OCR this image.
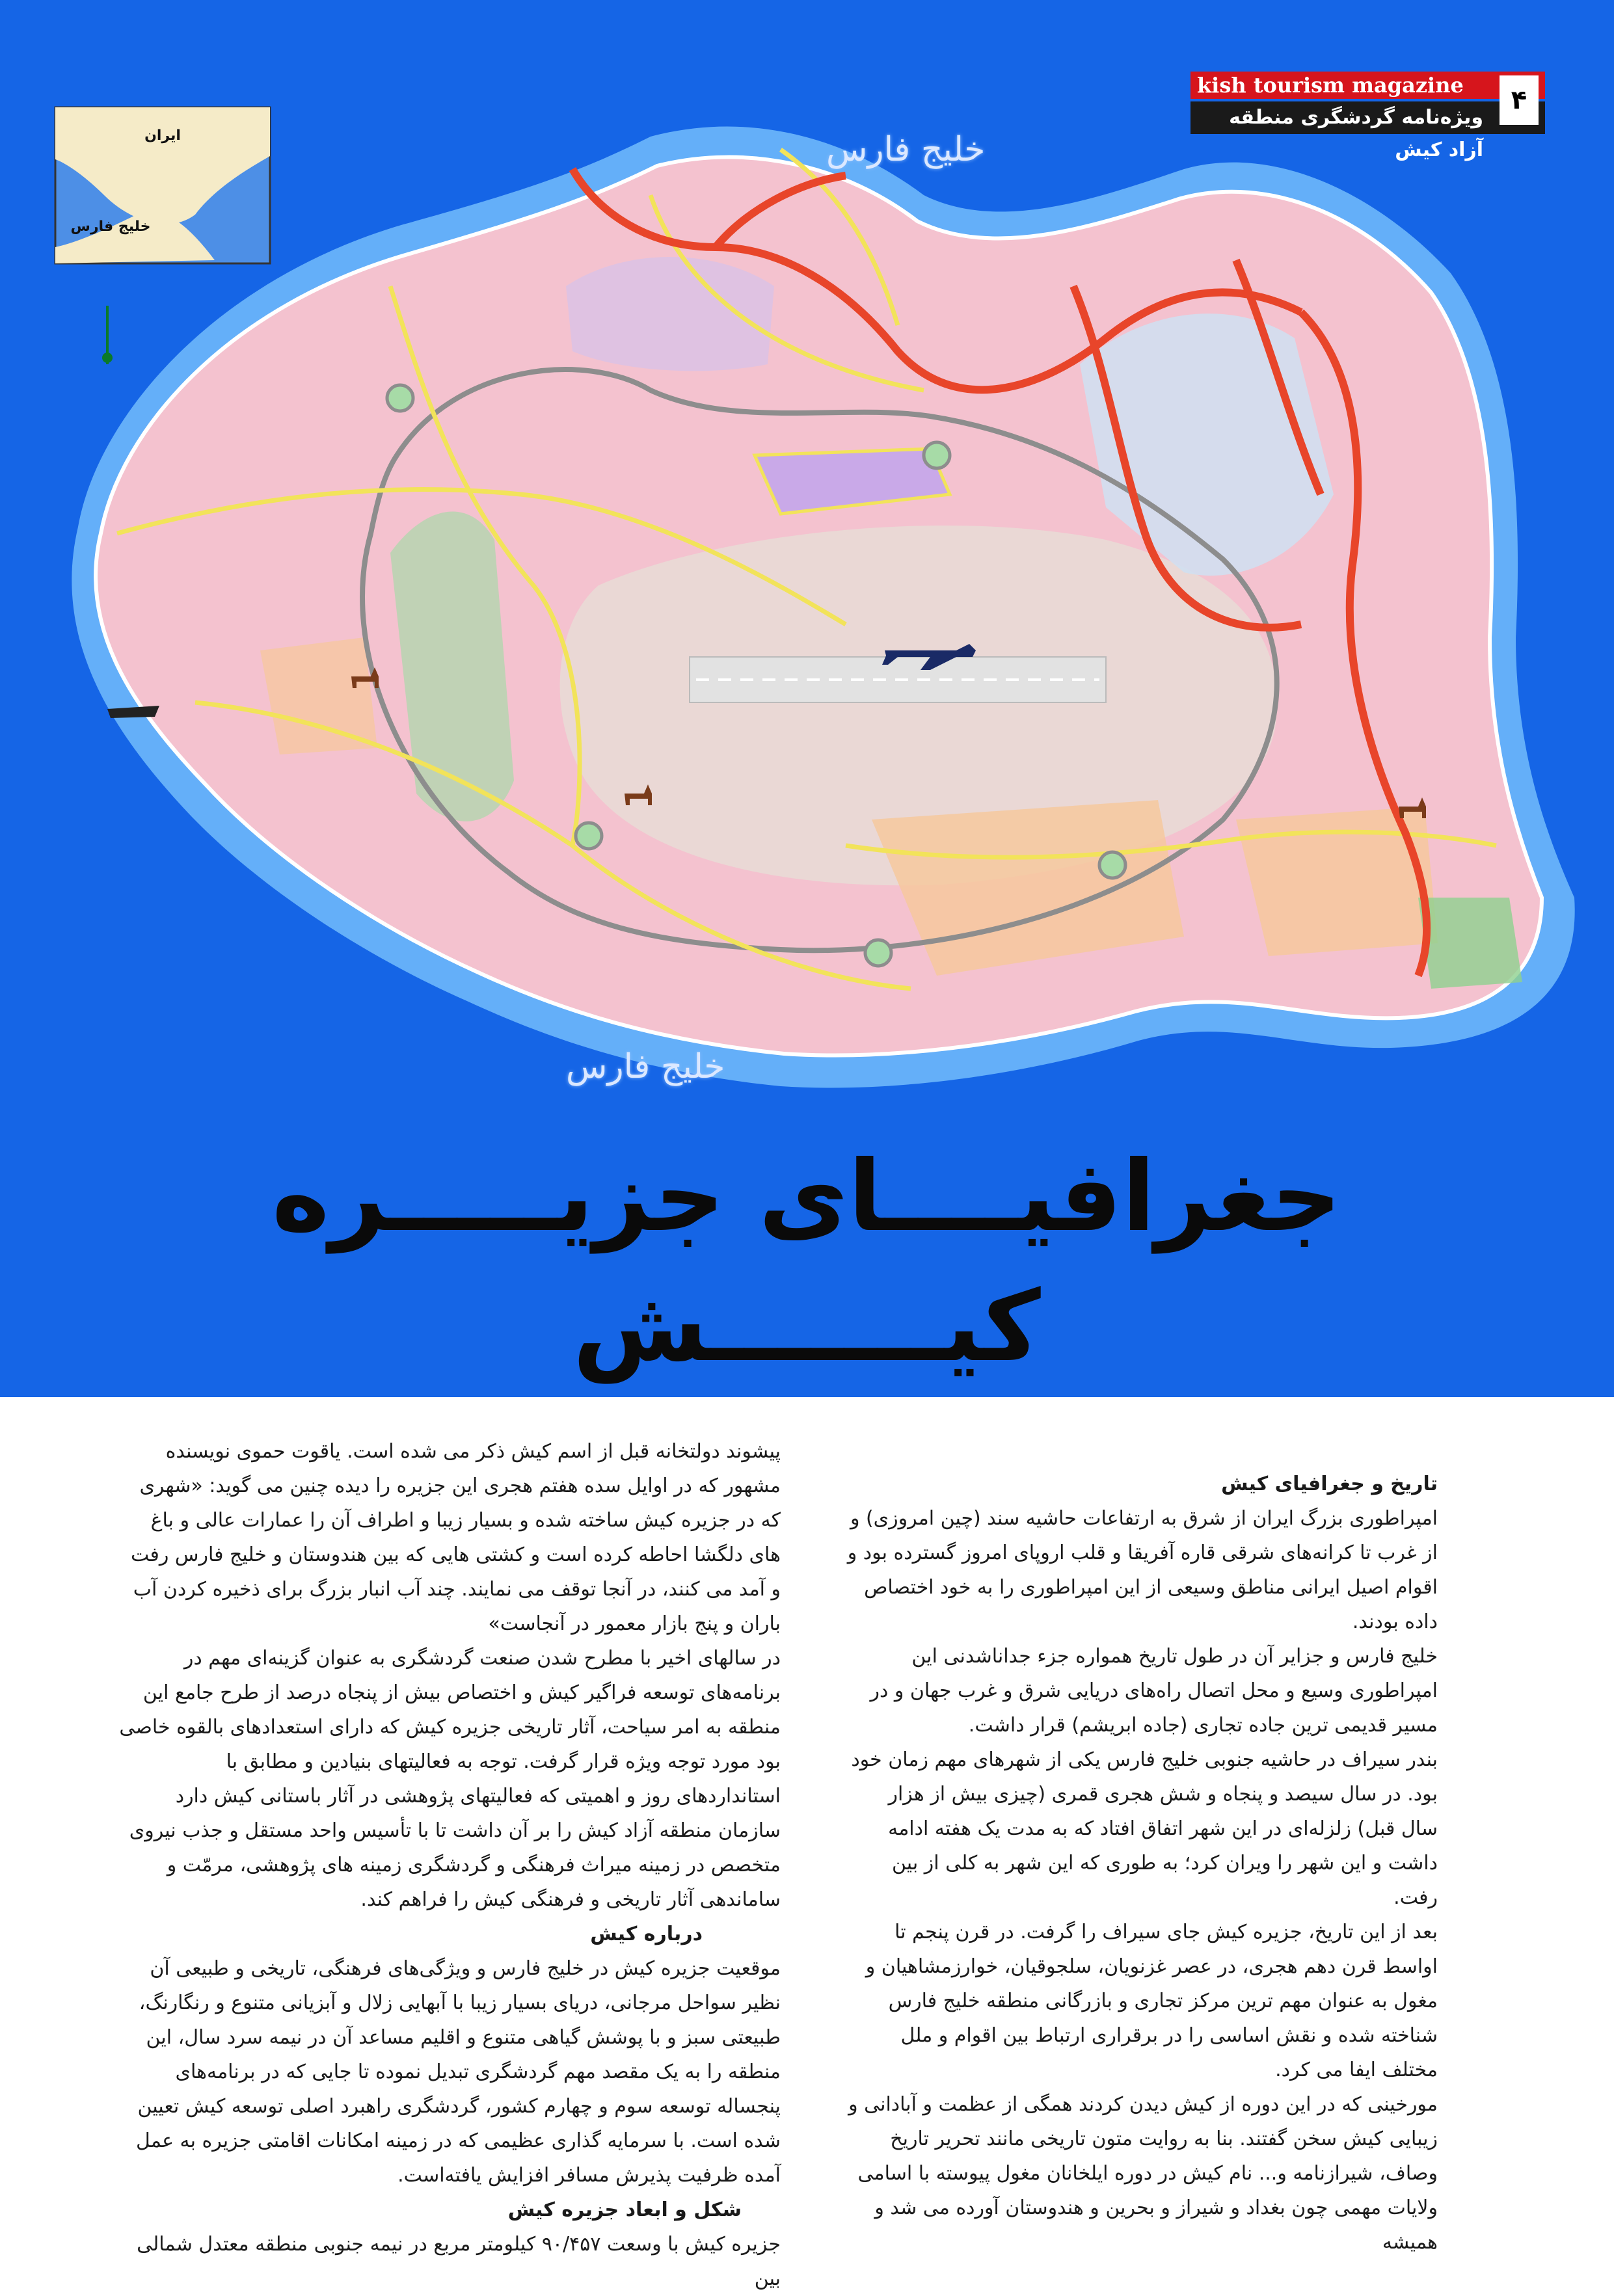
ایران
خلیج فارس
خلیج فارس
خلیج فارس
kish tourism magazine
ویژه‌نامه گردشگری منطقه آزاد کیش
۴
جغرافیــــای جزیـــــره کیـــــــش

تاریخ و جغرافیای کیش

امپراطوری بزرگ ایران از شرق به ارتفاعات حاشیه سند (چین امروزی) و از غرب تا کرانه‌های شرقی قاره آفریقا و قلب اروپای امروز گسترده بود و اقوام اصیل ایرانی مناطق وسیعی از این امپراطوری را به خود اختصاص داده بودند.

خلیج فارس و جزایر آن در طول تاریخ همواره جزء جداناشدنی این امپراطوری وسیع و محل اتصال راه‌های دریایی شرق و غرب جهان و در مسیر قدیمی ترین جاده تجاری (جاده ابریشم) قرار داشت.

بندر سیراف در حاشیه جنوبی خلیج فارس یکی از شهرهای مهم زمان خود بود. در سال سیصد و پنجاه و شش هجری قمری (چیزی بیش از هزار سال قبل) زلزله‌ای در این شهر اتفاق افتاد که به مدت یک هفته ادامه داشت و این شهر را ویران کرد؛ به طوری که این شهر به کلی از بین رفت.

بعد از این تاریخ، جزیره کیش جای سیراف را گرفت. در قرن پنجم تا اواسط قرن دهم هجری، در عصر غزنویان، سلجوقیان، خوارزمشاهیان و مغول به عنوان مهم ترین مرکز تجاری و بازرگانی منطقه خلیج فارس شناخته شده و نقش اساسی را در برقراری ارتباط بین اقوام و ملل مختلف ایفا می کرد.

مورخینی که در این دوره از کیش دیدن کردند همگی از عظمت و آبادانی و زیبایی کیش سخن گفتند. بنا به روایت متون تاریخی مانند تحریر تاریخ وصاف، شیرازنامه و... نام کیش در دوره ایلخانان مغول پیوسته با اسامی ولایات مهمی چون بغداد و شیراز و بحرین و هندوستان آورده می شد و همیشه

پیشوند دولتخانه قبل از اسم کیش ذکر می شده است. یاقوت حموی نویسنده مشهور که در اوایل سده هفتم هجری این جزیره را دیده چنین می گوید: «شهری که در جزیره کیش ساخته شده و بسیار زیبا و اطراف آن را عمارات عالی و باغ های دلگشا احاطه کرده است و کشتی هایی که بین هندوستان و خلیج فارس رفت و آمد می کنند، در آنجا توقف می نمایند. چند آب انبار بزرگ برای ذخیره کردن آب باران و پنج بازار معمور در آنجاست»

در سالهای اخیر با مطرح شدن صنعت گردشگری به عنوان گزینه‌ای مهم در برنامه‌های توسعه فراگیر کیش و اختصاص بیش از پنجاه درصد از طرح جامع این منطقه به امر سیاحت، آثار تاریخی جزیره کیش که دارای استعدادهای بالقوه خاصی بود مورد توجه ویژه قرار گرفت. توجه به فعالیتهای بنیادین و مطابق با استانداردهای روز و اهمیتی که فعالیتهای پژوهشی در آثار باستانی کیش دارد سازمان منطقه آزاد کیش را بر آن داشت تا با تأسیس واحد مستقل و جذب نیروی متخصص در زمینه میراث فرهنگی و گردشگری زمینه های پژوهشی، مرمّت و ساماندهی آثار تاریخی و فرهنگی کیش را فراهم کند.

درباره کیش

موقعیت جزیره کیش در خلیج فارس و ویژگی‌های فرهنگی، تاریخی و طبیعی آن نظیر سواحل مرجانی، دریای بسیار زیبا با آبهایی زلال و آبزیانی متنوع و رنگارنگ، طبیعتی سبز و با پوشش گیاهی متنوع و اقلیم مساعد آن در نیمه سرد سال، این منطقه را به یک مقصد مهم گردشگری تبدیل نموده تا جایی که در برنامه‌های پنجساله توسعه سوم و چهارم کشور، گردشگری راهبرد اصلی توسعه کیش تعیین شده است. با سرمایه گذاری عظیمی که در زمینه امکانات اقامتی جزیره به عمل آمده ظرفیت پذیرش مسافر افزایش یافته‌است.

شکل و ابعاد جزیره کیش

جزیره کیش با وسعت ۹۰/۴۵۷ کیلومتر مربع در نیمه جنوبی منطقه معتدل شمالی بین
